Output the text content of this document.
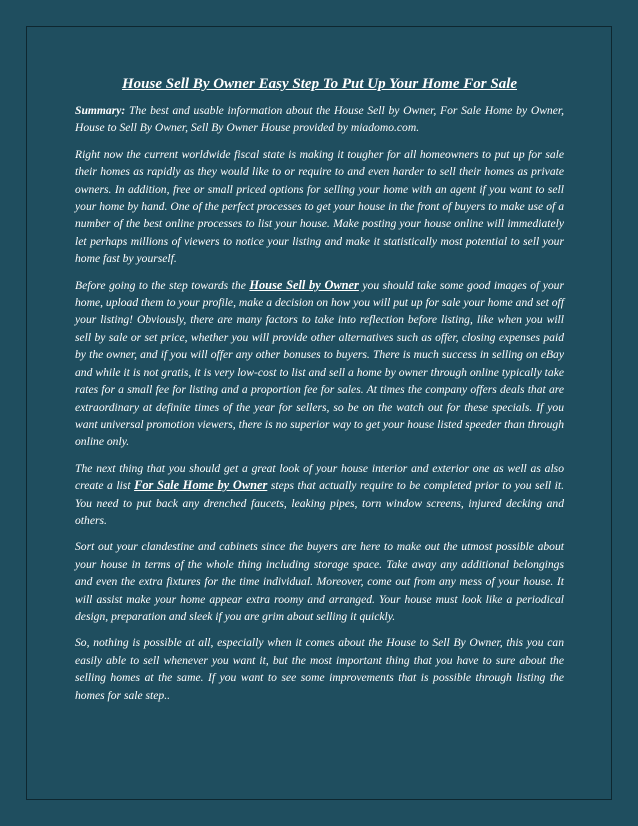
House Sell By Owner Easy Step To Put Up Your Home For Sale

Summary: The best and usable information about the House Sell by Owner, For Sale Home by Owner, House to Sell By Owner, Sell By Owner House provided by miadomo.com.

Right now the current worldwide fiscal state is making it tougher for all homeowners to put up for sale their homes as rapidly as they would like to or require to and even harder to sell their homes as private owners. In addition, free or small priced options for selling your home with an agent if you want to sell your home by hand. One of the perfect processes to get your house in the front of buyers to make use of a number of the best online processes to list your house. Make posting your house online will immediately let perhaps millions of viewers to notice your listing and make it statistically most potential to sell your home fast by yourself.

Before going to the step towards the House Sell by Owner you should take some good images of your home, upload them to your profile, make a decision on how you will put up for sale your home and set off your listing! Obviously, there are many factors to take into reflection before listing, like when you will sell by sale or set price, whether you will provide other alternatives such as offer, closing expenses paid by the owner, and if you will offer any other bonuses to buyers. There is much success in selling on eBay and while it is not gratis, it is very low-cost to list and sell a home by owner through online typically take rates for a small fee for listing and a proportion fee for sales. At times the company offers deals that are extraordinary at definite times of the year for sellers, so be on the watch out for these specials. If you want universal promotion viewers, there is no superior way to get your house listed speeder than through online only.

The next thing that you should get a great look of your house interior and exterior one as well as also create a list For Sale Home by Owner steps that actually require to be completed prior to you sell it. You need to put back any drenched faucets, leaking pipes, torn window screens, injured decking and others.

Sort out your clandestine and cabinets since the buyers are here to make out the utmost possible about your house in terms of the whole thing including storage space. Take away any additional belongings and even the extra fixtures for the time individual. Moreover, come out from any mess of your house. It will assist make your home appear extra roomy and arranged. Your house must look like a periodical design, preparation and sleek if you are grim about selling it quickly.

So, nothing is possible at all, especially when it comes about the House to Sell By Owner, this you can easily able to sell whenever you want it, but the most important thing that you have to sure about the selling homes at the same. If you want to see some improvements that is possible through listing the homes for sale step..
